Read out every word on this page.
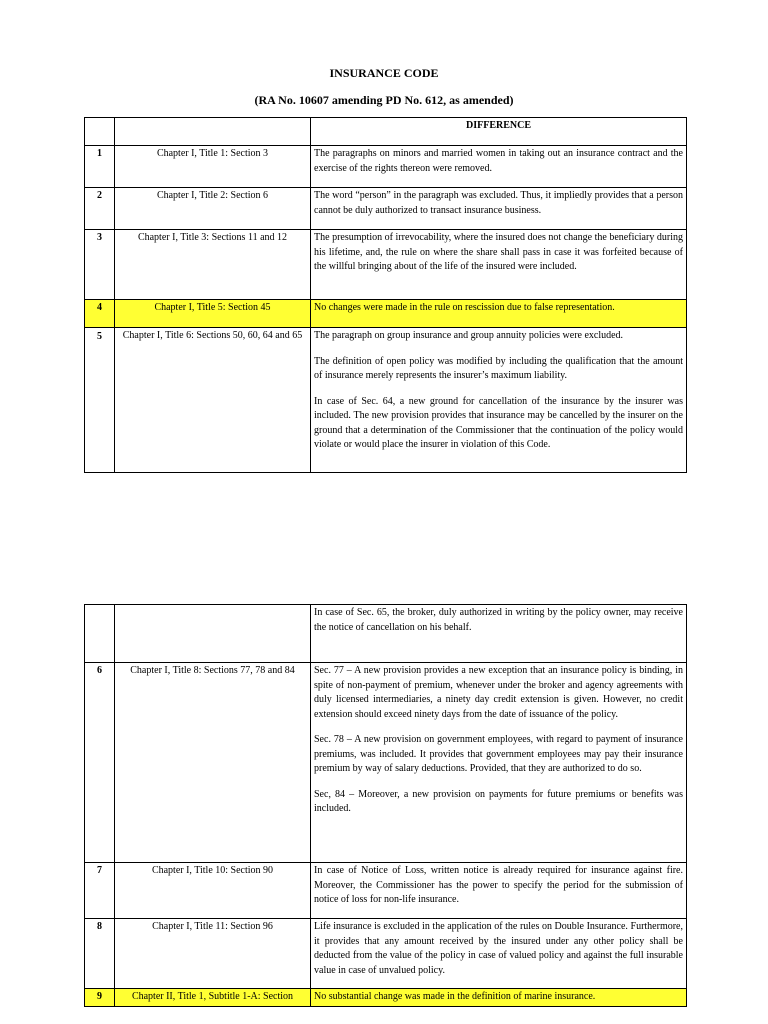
INSURANCE CODE
(RA No. 10607 amending PD No. 612, as amended)
		DIFFERENCE
1	Chapter I, Title 1: Section 3	The paragraphs on minors and married women in taking out an insurance contract and the exercise of the rights thereon were removed.

2	Chapter I, Title 2: Section 6	The word “person” in the paragraph was excluded. Thus, it impliedly provides that a person cannot be duly authorized to transact insurance business.

3	Chapter I, Title 3: Sections 11 and 12	The presumption of irrevocability, where the insured does not change the beneficiary during his lifetime, and, the rule on where the share shall pass in case it was forfeited because of the willful bringing about of the life of the insured were included.

4	Chapter I, Title 5: Section 45	No changes were made in the rule on rescission due to false representation.

5	Chapter I, Title 6: Sections 50, 60, 64 and 65	The paragraph on group insurance and group annuity policies were excluded.

The definition of open policy was modified by including the qualification that the amount of insurance merely represents the insurer’s maximum liability.

In case of Sec. 64, a new ground for cancellation of the insurance by the insurer was included. The new provision provides that insurance may be cancelled by the insurer on the ground that a determination of the Commissioner that the continuation of the policy would violate or would place the insurer in violation of this Code.

		In case of Sec. 65, the broker, duly authorized in writing by the policy owner, may receive the notice of cancellation on his behalf.

6	Chapter I, Title 8: Sections 77, 78 and 84	Sec. 77 – A new provision provides a new exception that an insurance policy is binding, in spite of non-payment of premium, whenever under the broker and agency agreements with duly licensed intermediaries, a ninety day credit extension is given. However, no credit extension should exceed ninety days from the date of issuance of the policy.

Sec. 78 – A new provision on government employees, with regard to payment of insurance premiums, was included. It provides that government employees may pay their insurance premium by way of salary deductions. Provided, that they are authorized to do so.

Sec, 84 – Moreover, a new provision on payments for future premiums or benefits was included.

7	Chapter I, Title 10: Section 90	In case of Notice of Loss, written notice is already required for insurance against fire. Moreover, the Commissioner has the power to specify the period for the submission of notice of loss for non-life insurance.

8	Chapter I, Title 11: Section 96	Life insurance is excluded in the application of the rules on Double Insurance. Furthermore, it provides that any amount received by the insured under any other policy shall be deducted from the value of the policy in case of valued policy and against the full insurable value in case of unvalued policy.

9	Chapter II, Title 1, Subtitle 1-A: Section	No substantial change was made in the definition of marine insurance.
